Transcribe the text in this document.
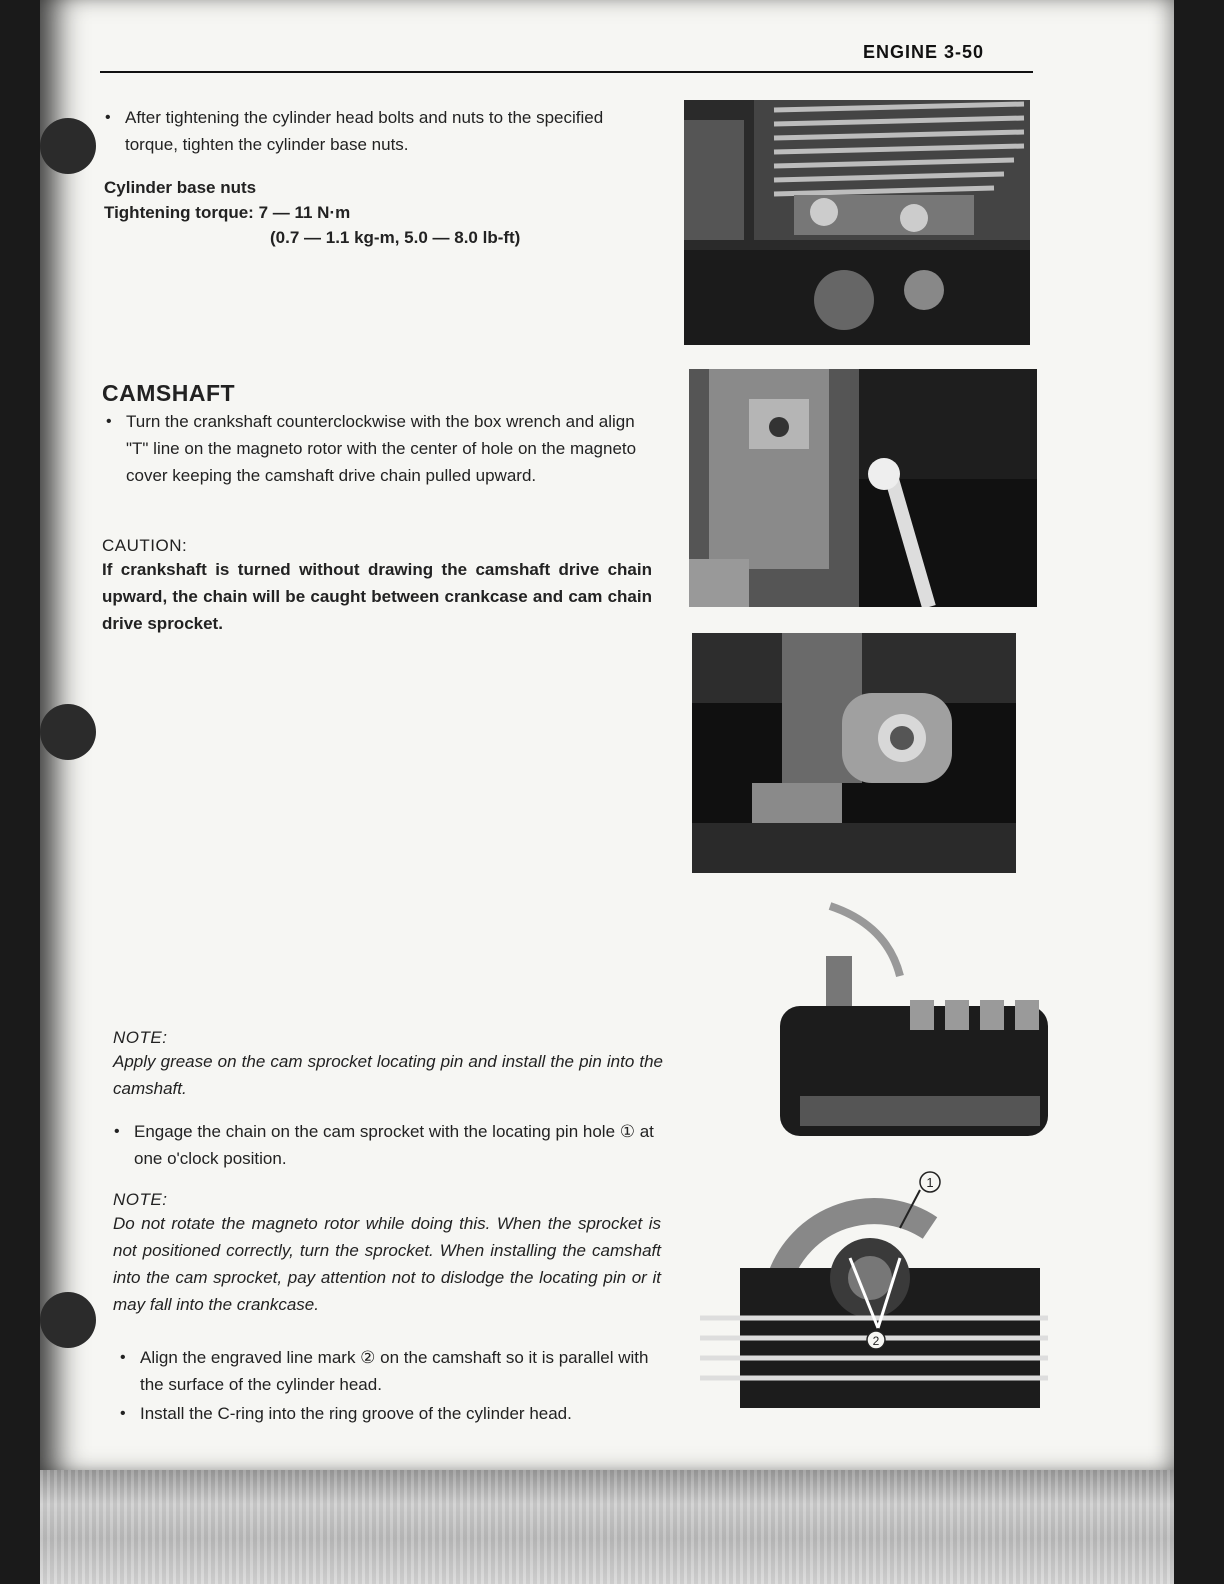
ENGINE 3-50
• After tightening the cylinder head bolts and nuts to the specified torque, tighten the cylinder base nuts.
Cylinder base nuts
Tightening torque: 7 — 11 N·m
(0.7 — 1.1 kg-m, 5.0 — 8.0 lb-ft)
CAMSHAFT
• Turn the crankshaft counterclockwise with the box wrench and align "T" line on the magneto rotor with the center of hole on the magneto cover keeping the camshaft drive chain pulled upward.
CAUTION:
If crankshaft is turned without drawing the camshaft drive chain upward, the chain will be caught between crankcase and cam chain drive sprocket.
NOTE:
Apply grease on the cam sprocket locating pin and install the pin into the camshaft.
• Engage the chain on the cam sprocket with the locating pin hole ① at one o'clock position.
NOTE:
Do not rotate the magneto rotor while doing this. When the sprocket is not positioned correctly, turn the sprocket. When installing the camshaft into the cam sprocket, pay attention not to dislodge the locating pin or it may fall into the crankcase.
• Align the engraved line mark ② on the camshaft so it is parallel with the surface of the cylinder head.
• Install the C-ring into the ring groove of the cylinder head.
1
2
